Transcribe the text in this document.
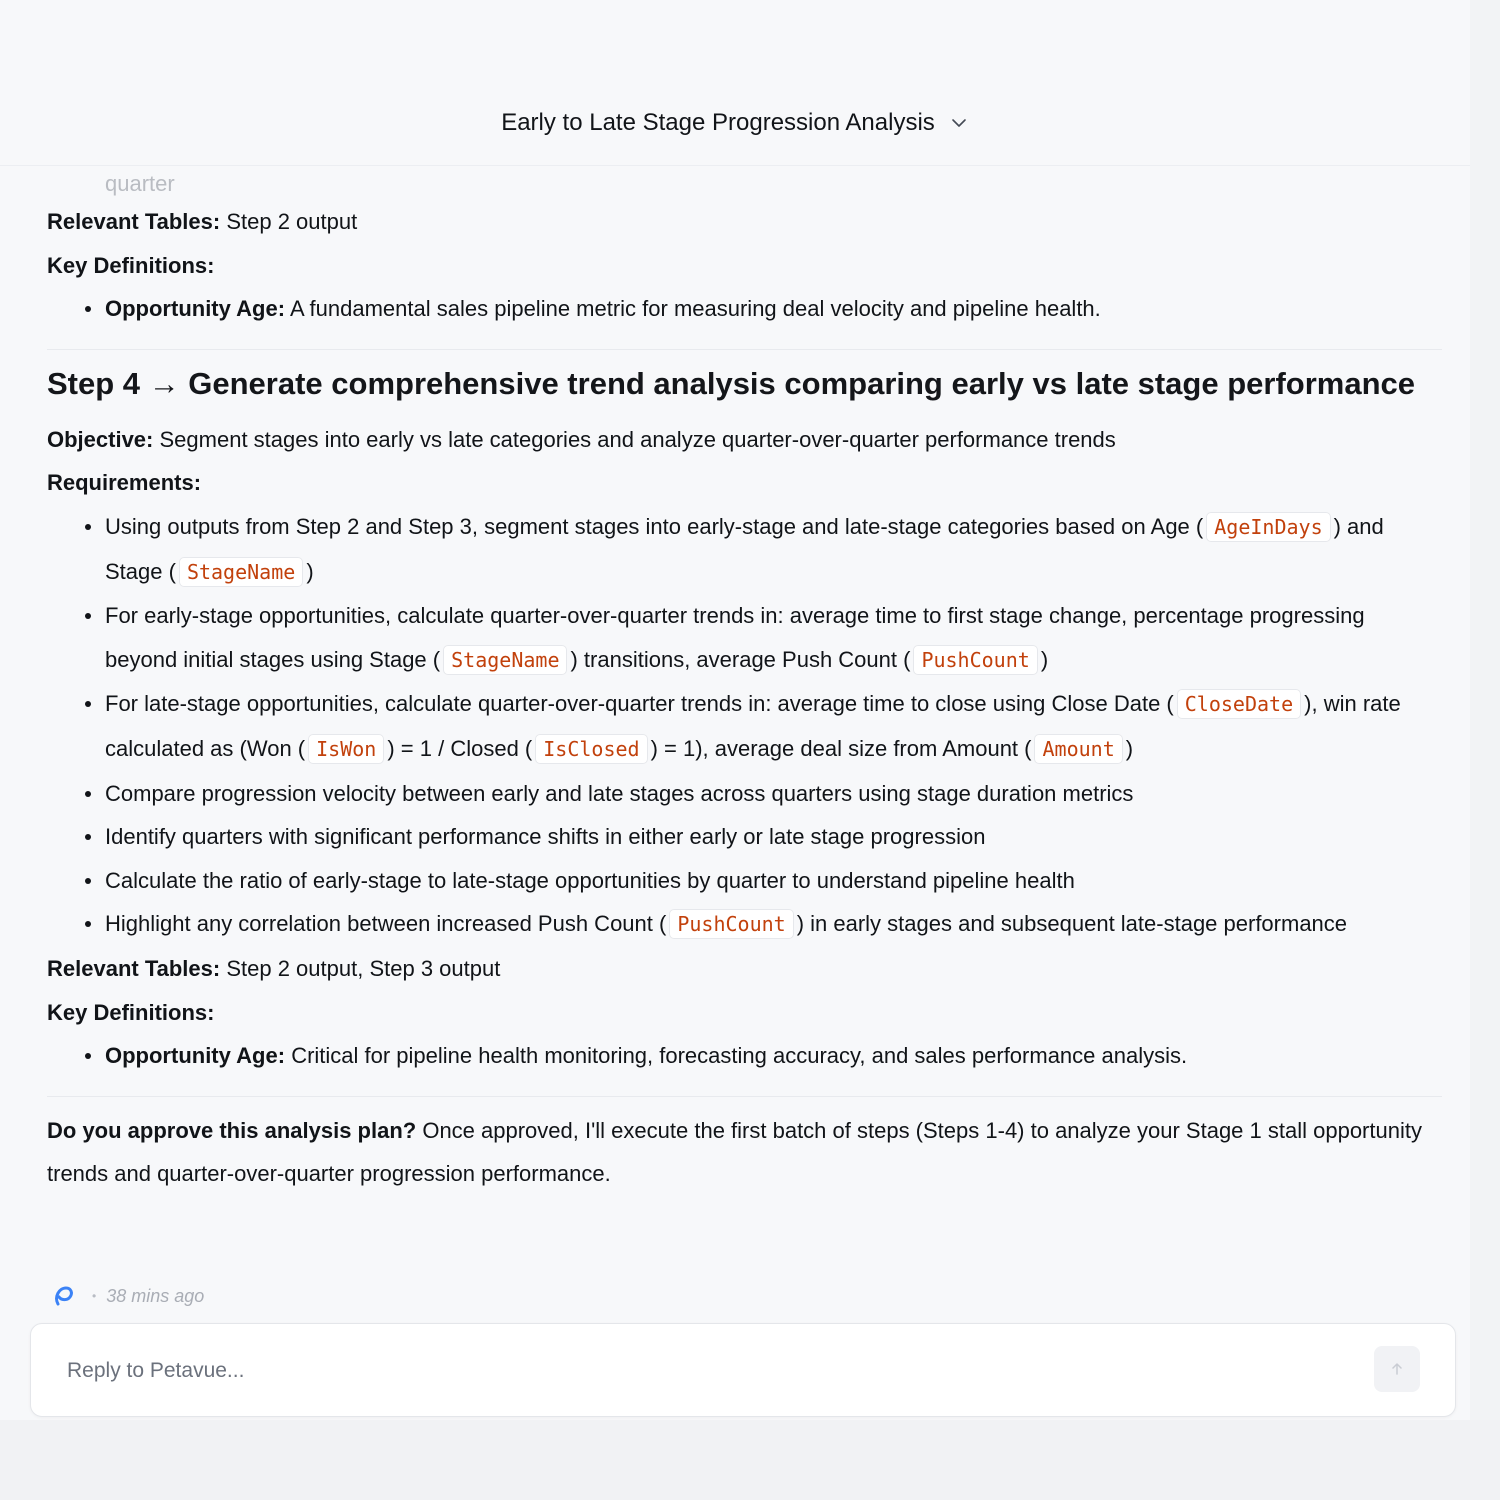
Early to Late Stage Progression Analysis
quarter

Relevant Tables: Step 2 output

Key Definitions:

Opportunity Age: A fundamental sales pipeline metric for measuring deal velocity and pipeline health.
Step 4 → Generate comprehensive trend analysis comparing early vs late stage performance

Objective: Segment stages into early vs late categories and analyze quarter-over-quarter performance trends

Requirements:

Using outputs from Step 2 and Step 3, segment stages into early-stage and late-stage categories based on Age ( AgeInDays ) and Stage ( StageName )
For early-stage opportunities, calculate quarter-over-quarter trends in: average time to first stage change, percentage progressing beyond initial stages using Stage ( StageName ) transitions, average Push Count ( PushCount )
For late-stage opportunities, calculate quarter-over-quarter trends in: average time to close using Close Date ( CloseDate ), win rate calculated as (Won ( IsWon ) = 1 / Closed ( IsClosed ) = 1), average deal size from Amount ( Amount )
Compare progression velocity between early and late stages across quarters using stage duration metrics
Identify quarters with significant performance shifts in either early or late stage progression
Calculate the ratio of early-stage to late-stage opportunities by quarter to understand pipeline health
Highlight any correlation between increased Push Count ( PushCount ) in early stages and subsequent late-stage performance

Relevant Tables: Step 2 output, Step 3 output

Key Definitions:

Opportunity Age: Critical for pipeline health monitoring, forecasting accuracy, and sales performance analysis.

Do you approve this analysis plan? Once approved, I'll execute the first batch of steps (Steps 1-4) to analyze your Stage 1 stall opportunity trends and quarter-over-quarter progression performance.

• 38 mins ago
Reply to Petavue...
